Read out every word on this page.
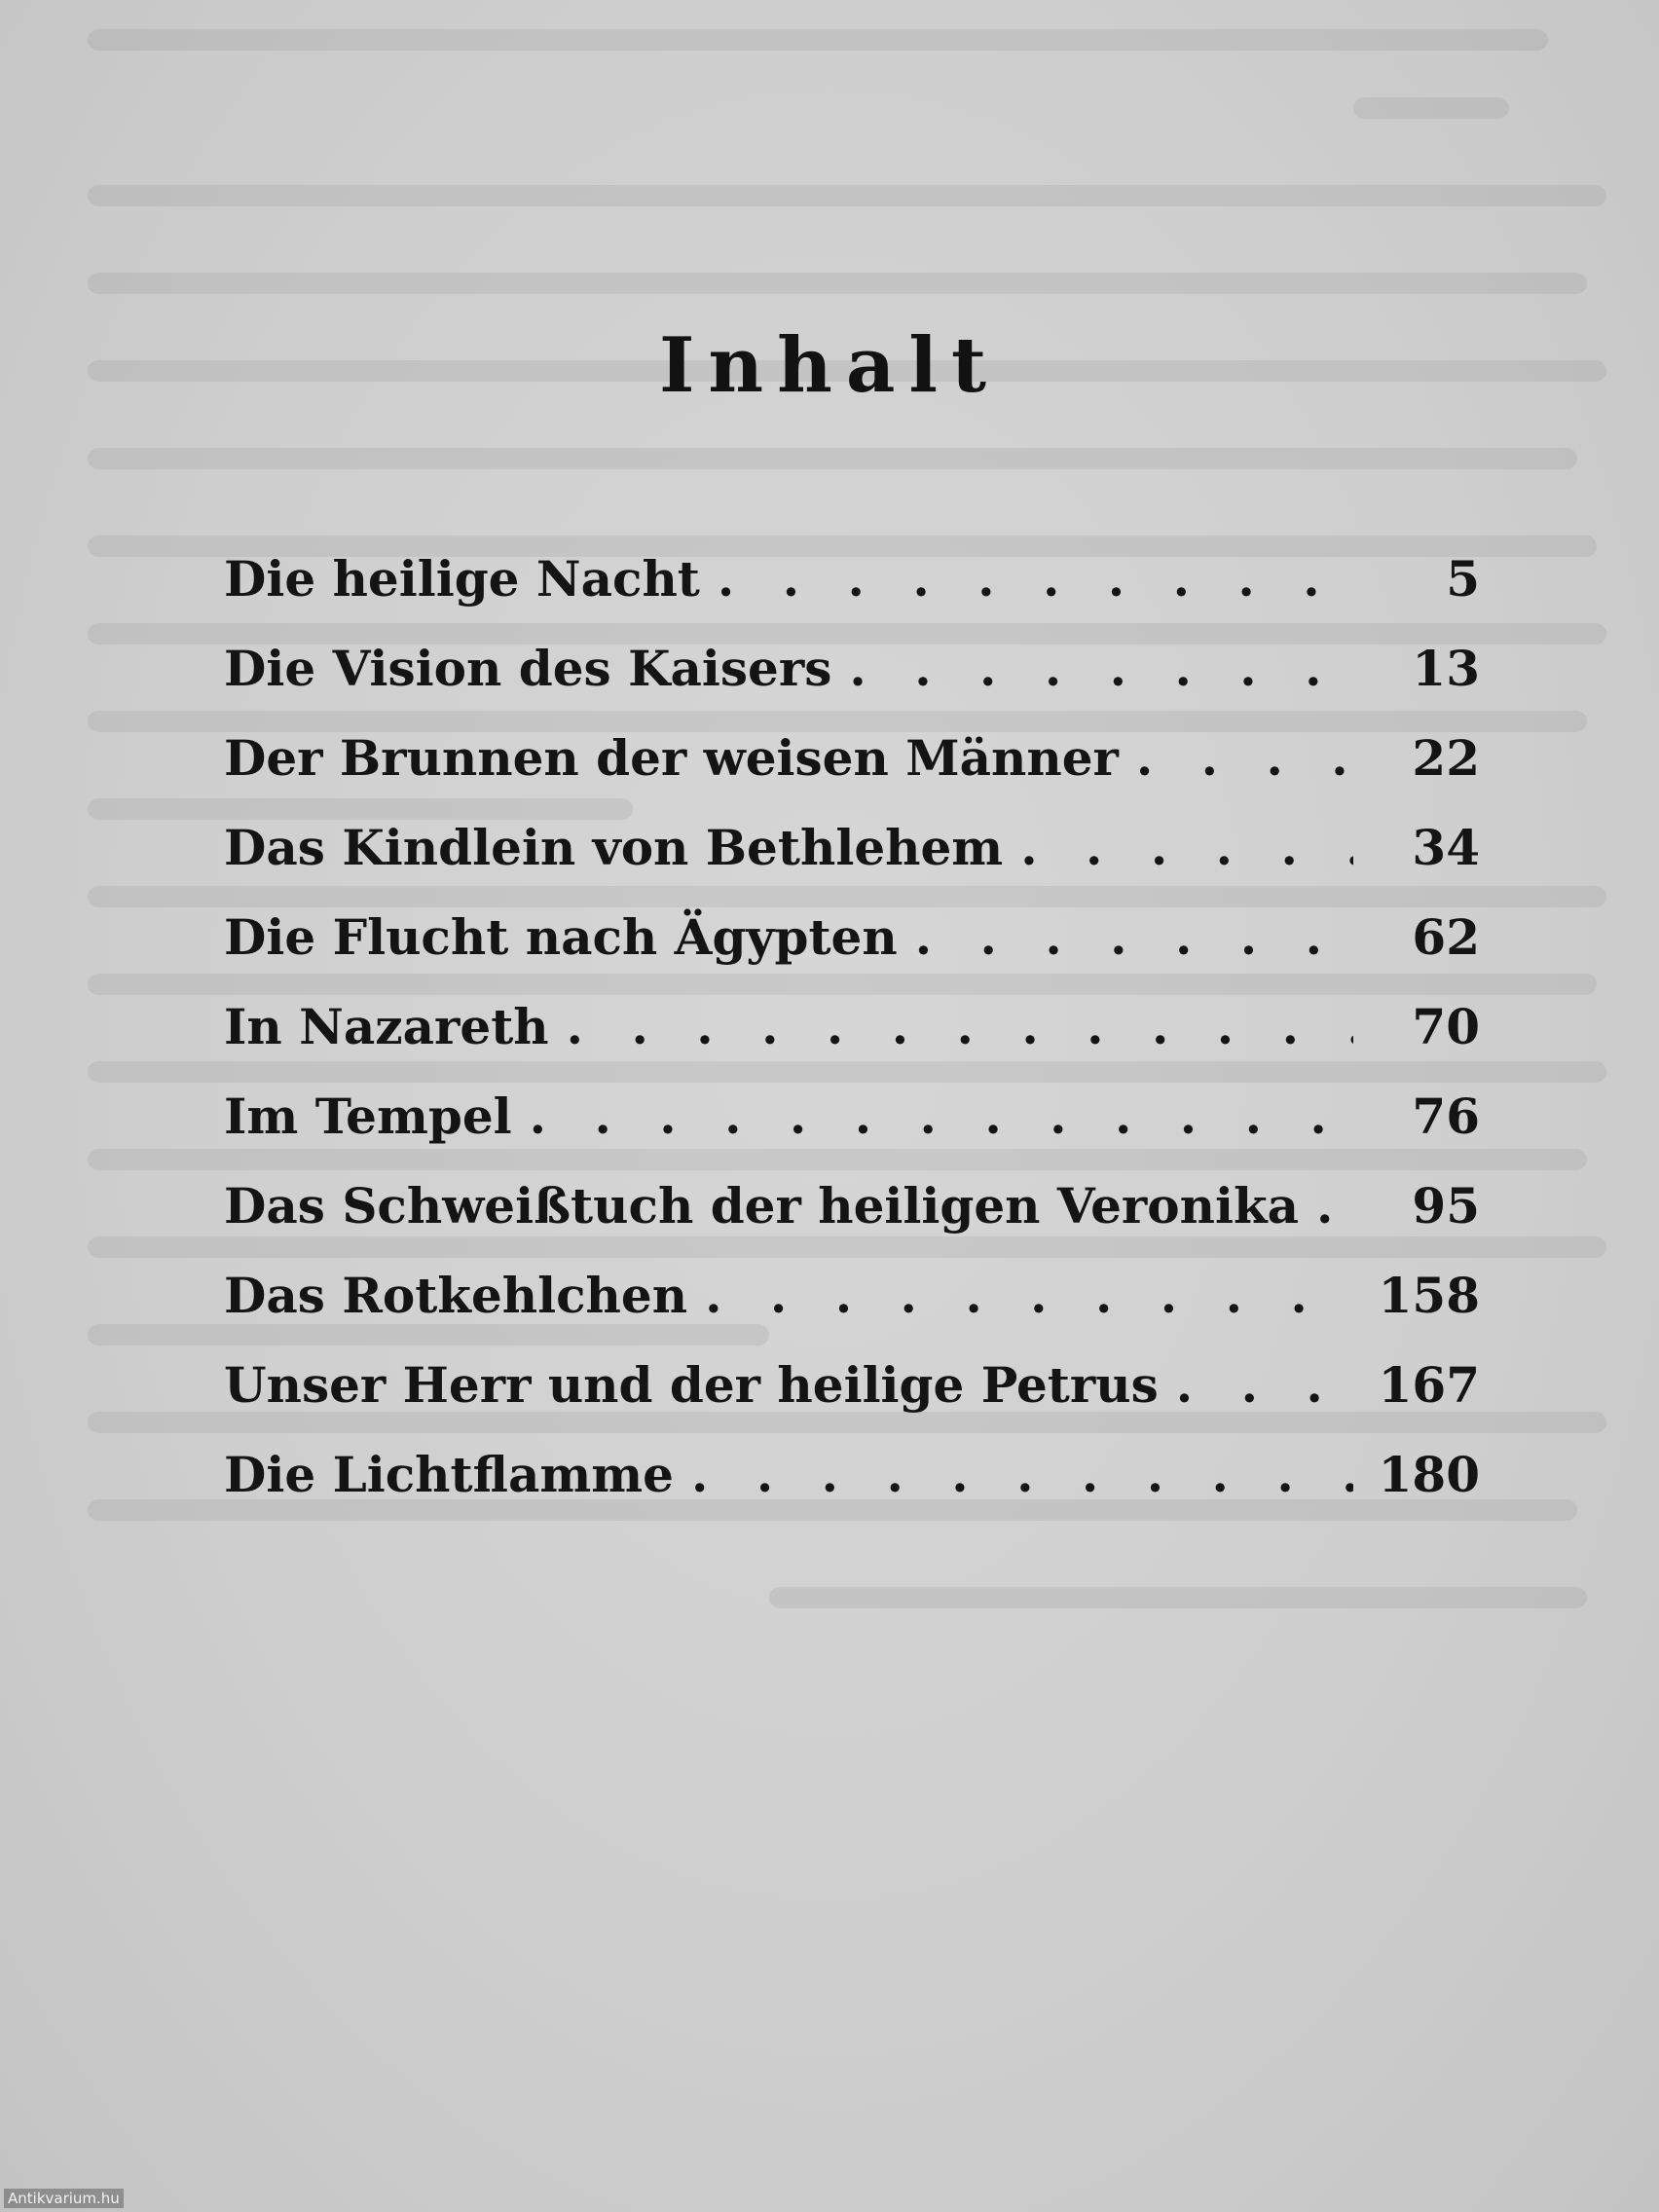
Inhalt
Die heilige Nacht . . .	5
Die Vision des Kaisers . . .	13
Der Brunnen der weisen Männer . . .	22
Das Kindlein von Bethlehem . . .	34
Die Flucht nach Ägypten . . .	62
In Nazareth . . .	70
Im Tempel . . .	76
Das Schweißtuch der heiligen Veronika . . .	95
Das Rotkehlchen . . .	158
Unser Herr und der heilige Petrus . . .	167
Die Lichtflamme . . .	180
Antikvarium.hu
